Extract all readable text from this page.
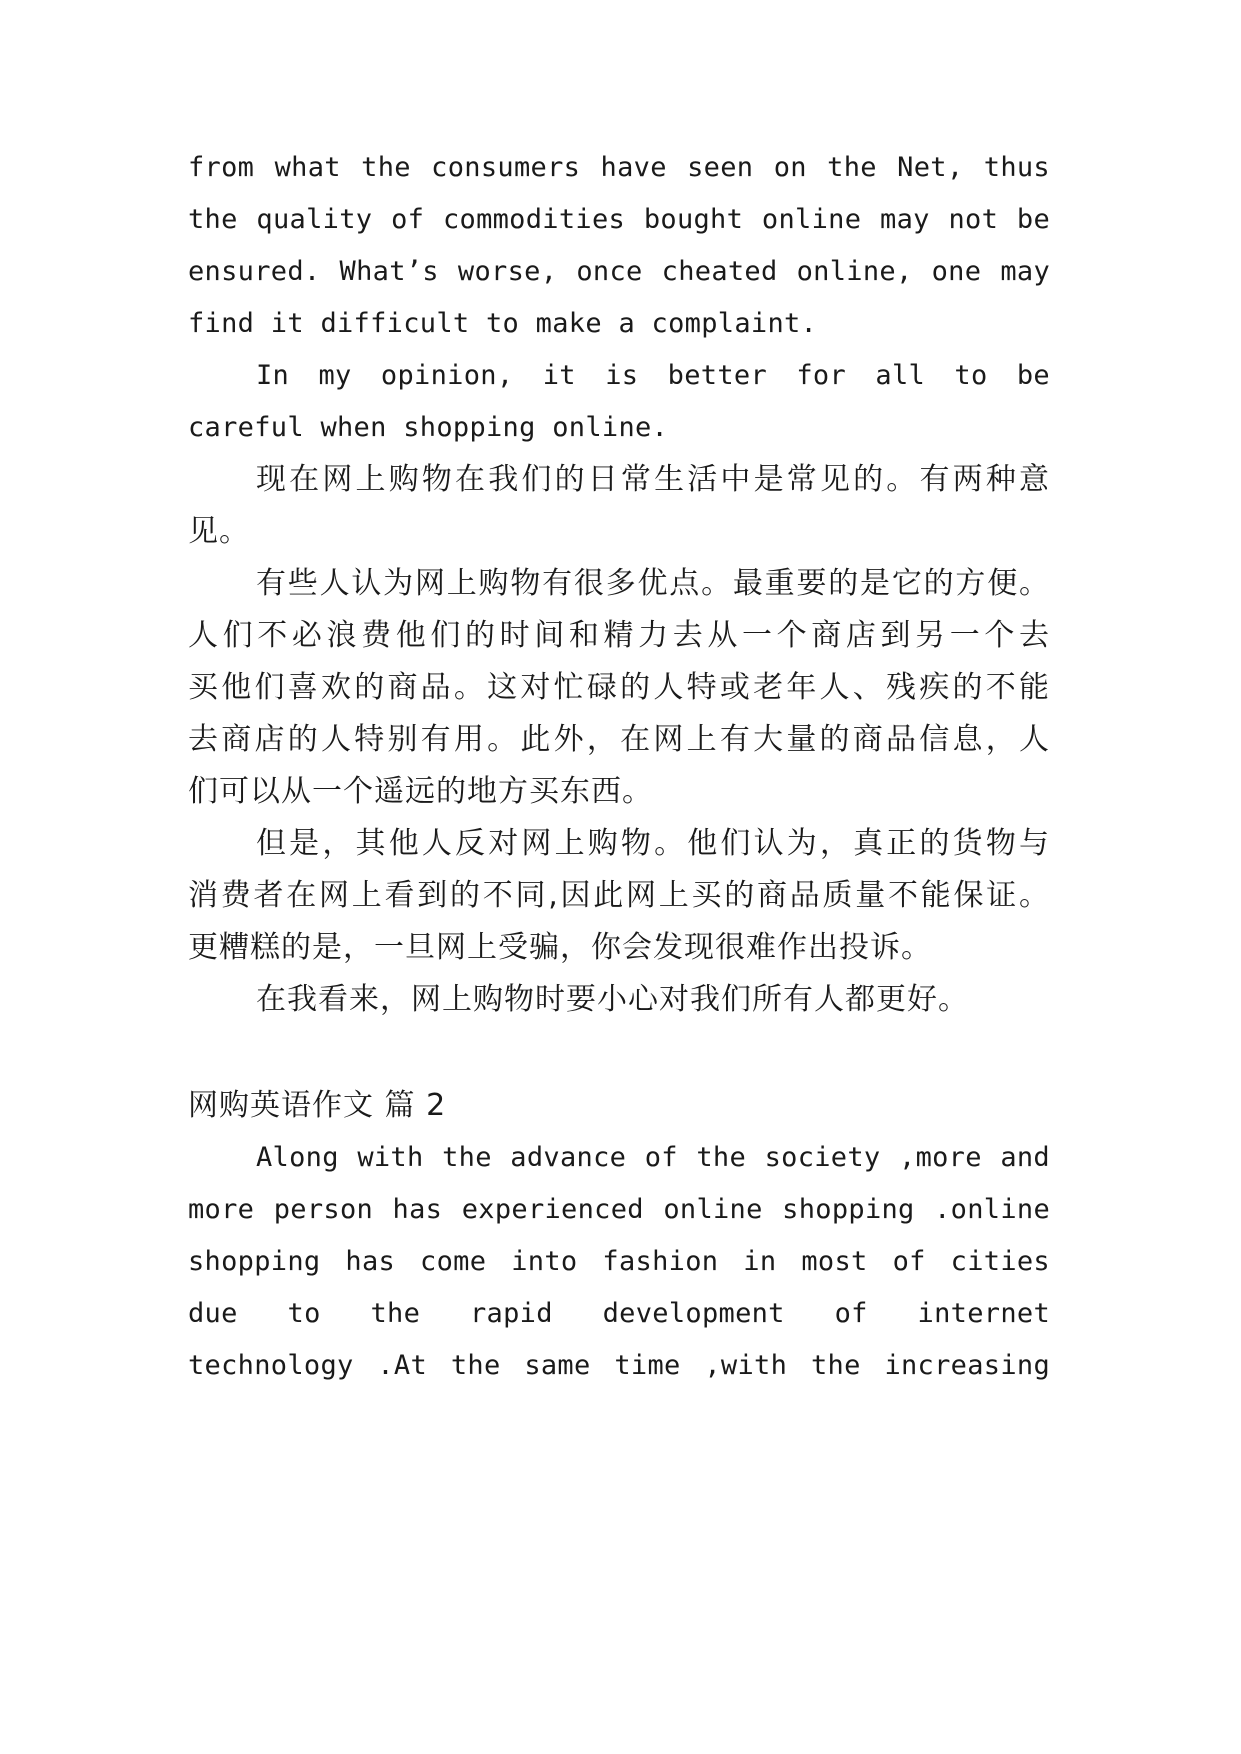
from what the consumers have seen on the Net, thus
the quality of commodities bought online may not be
ensured. What’s worse, once cheated online, one may
find it difficult to make a complaint.
In my opinion, it is better for all to be
careful when shopping online.
现在网上购物在我们的日常生活中是常见的。有两种意
见。
有些人认为网上购物有很多优点。最重要的是它的方便。
人们不必浪费他们的时间和精力去从一个商店到另一个去
买他们喜欢的商品。这对忙碌的人特或老年人、残疾的不能
去商店的人特别有用。此外，在网上有大量的商品信息，人
们可以从一个遥远的地方买东西。
但是，其他人反对网上购物。他们认为，真正的货物与
消费者在网上看到的不同,因此网上买的商品质量不能保证。
更糟糕的是，一旦网上受骗，你会发现很难作出投诉。
在我看来，网上购物时要小心对我们所有人都更好。
网购英语作文 篇 2
Along with the advance of the society ,more and
more person has experienced online shopping .online
shopping has come into fashion in most of cities
due to the rapid development of internet
technology .At the same time ,with the increasing
